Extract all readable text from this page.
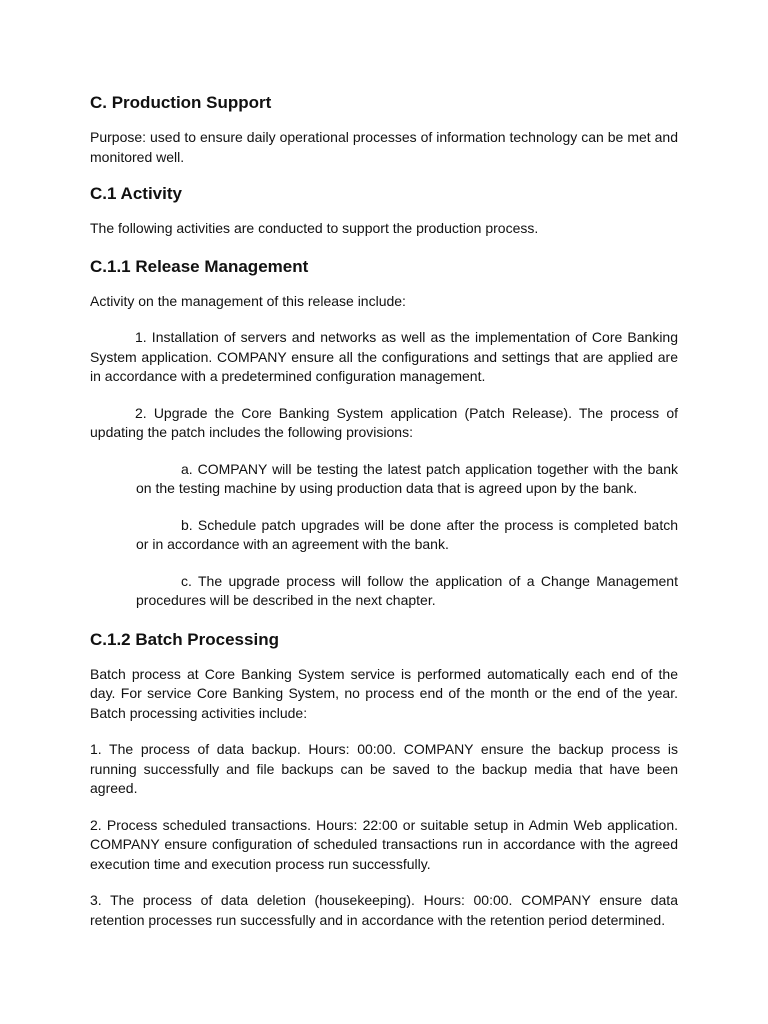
C. Production Support

Purpose: used to ensure daily operational processes of information technology can be met and monitored well.

C.1 Activity

The following activities are conducted to support the production process.

C.1.1 Release Management

Activity on the management of this release include:

1. Installation of servers and networks as well as the implementation of Core Banking System application. COMPANY ensure all the configurations and settings that are applied are in accordance with a predetermined configuration management.

2. Upgrade the Core Banking System application (Patch Release). The process of updating the patch includes the following provisions:

a. COMPANY will be testing the latest patch application together with the bank on the testing machine by using production data that is agreed upon by the bank.

b. Schedule patch upgrades will be done after the process is completed batch or in accordance with an agreement with the bank.

c. The upgrade process will follow the application of a Change Management procedures will be described in the next chapter.

C.1.2 Batch Processing

Batch process at Core Banking System service is performed automatically each end of the day. For service Core Banking System, no process end of the month or the end of the year. Batch processing activities include:

1. The process of data backup. Hours: 00:00. COMPANY ensure the backup process is running successfully and file backups can be saved to the backup media that have been agreed.

2. Process scheduled transactions. Hours: 22:00 or suitable setup in Admin Web application. COMPANY ensure configuration of scheduled transactions run in accordance with the agreed execution time and execution process run successfully.

3. The process of data deletion (housekeeping). Hours: 00:00. COMPANY ensure data retention processes run successfully and in accordance with the retention period determined.
